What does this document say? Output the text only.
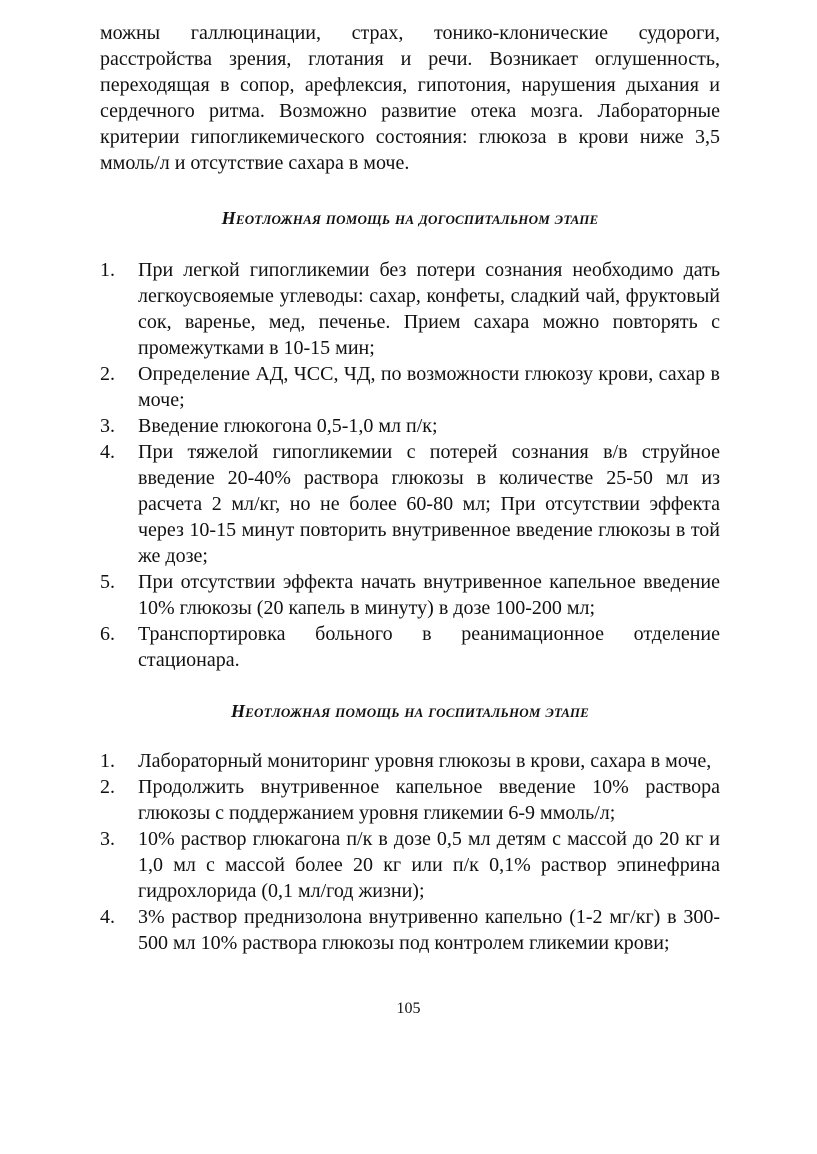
можны галлюцинации, страх, тонико-клонические судороги, расстройства зрения, глотания и речи. Возникает оглушенность, переходящая в сопор, арефлексия, гипотония, нарушения дыхания и сердечного ритма. Возможно развитие отека мозга. Лабораторные критерии гипогликемического состояния: глюкоза в крови ниже 3,5 ммоль/л и отсутствие сахара в моче.

Неотложная помощь на догоспитальном этапе
1.	При легкой гипогликемии без потери сознания необходимо дать легкоусвояемые углеводы: сахар, конфеты, сладкий чай, фруктовый сок, варенье, мед, печенье. Прием сахара можно повторять с промежутками в 10-15 мин;
2.	Определение АД, ЧСС, ЧД, по возможности глюкозу крови, сахар в моче;
3.	Введение глюкогона 0,5-1,0 мл п/к;
4.	При тяжелой гипогликемии с потерей сознания в/в струйное введение 20-40% раствора глюкозы в количестве 25-50 мл из расчета 2 мл/кг, но не более 60-80 мл; При отсутствии эффекта через 10-15 минут повторить внутривенное введение глюкозы в той же дозе;
5.	При отсутствии эффекта начать внутривенное капельное введение 10% глюкозы (20 капель в минуту) в дозе 100-200 мл;
6.	Транспортировка больного в реанимационное отделение стационара.
Неотложная помощь на госпитальном этапе
1.	Лабораторный мониторинг уровня глюкозы в крови, сахара в моче,
2.	Продолжить внутривенное капельное введение 10% раствора глюкозы с поддержанием уровня гликемии 6-9 ммоль/л;
3.	10% раствор глюкагона п/к в дозе 0,5 мл детям с массой до 20 кг и 1,0 мл с массой более 20 кг или п/к 0,1% раствор эпинефрина гидрохлорида (0,1 мл/год жизни);
4.	3% раствор преднизолона внутривенно капельно (1-2 мг/кг) в 300-500 мл 10% раствора глюкозы под контролем гликемии крови;
105
